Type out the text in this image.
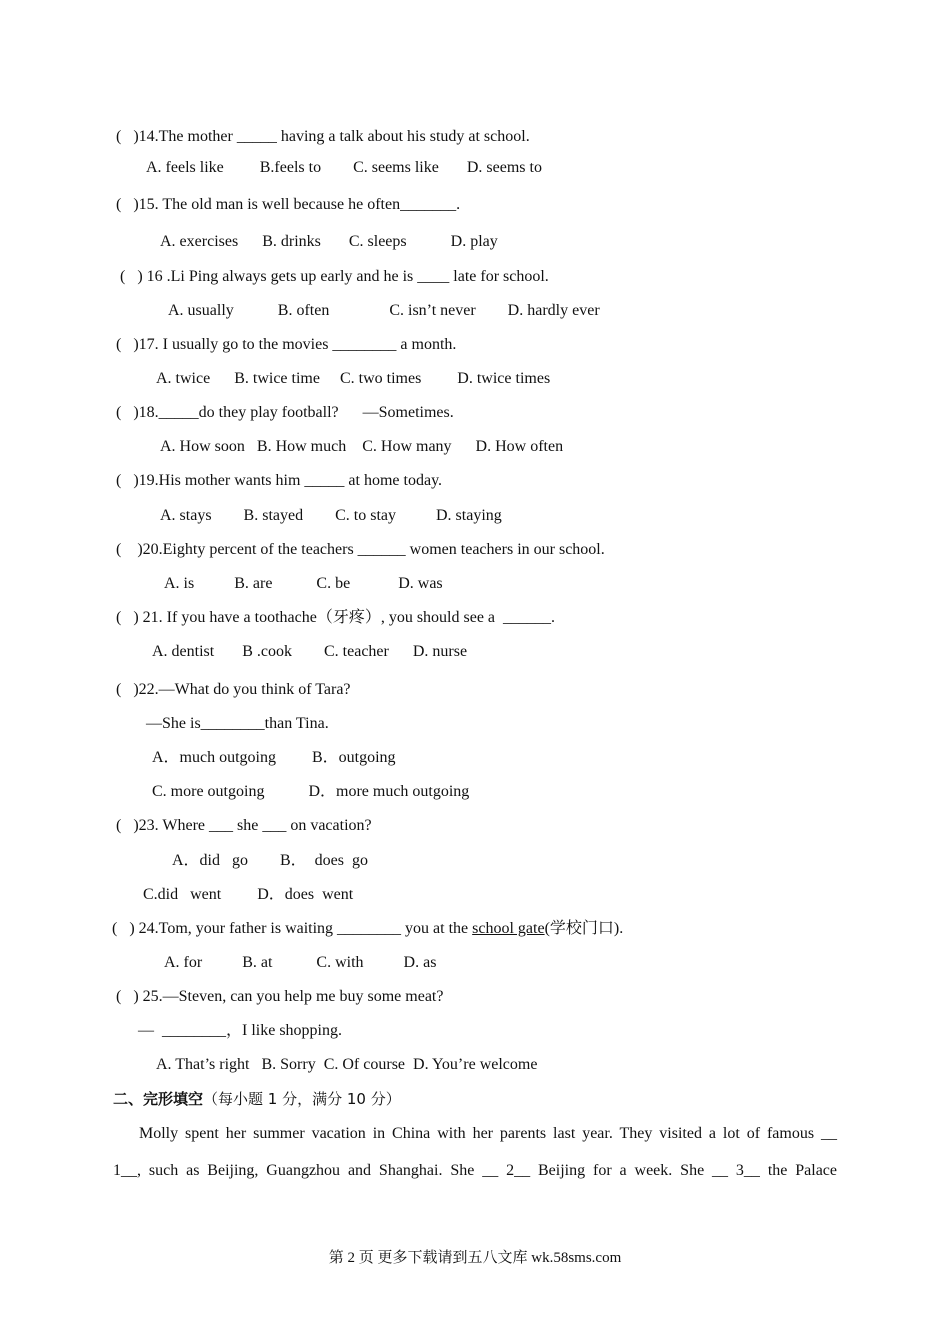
(   )14.The mother _____ having a talk about his study at school.
A. feels like         B.feels to        C. seems like       D. seems to
(   )15. The old man is well because he often_______.
A. exercises      B. drinks       C. sleeps           D. play
(   ) 16 .Li Ping always gets up early and he is ____ late for school.
A. usually           B. often               C. isn’t never        D. hardly ever
(   )17. I usually go to the movies ________ a month.
A. twice      B. twice time     C. two times         D. twice times
(   )18._____do they play football?      —Sometimes.
A. How soon   B. How much    C. How many      D. How often
(   )19.His mother wants him _____ at home today.
A. stays        B. stayed        C. to stay          D. staying
(    )20.Eighty percent of the teachers ______ women teachers in our school.
A. is          B. are           C. be            D. was
(   ) 21. If you have a toothache（牙疼）, you should see a  ______.
A. dentist       B .cook        C. teacher      D. nurse
(   )22.—What do you think of Tara?
—She is________than Tina.
A．much outgoing         B．outgoing
C. more outgoing           D．more much outgoing
(   )23. Where ___ she ___ on vacation?
A．did   go        B．  does  go
C.did   went         D．does  went
(   ) 24.Tom, your father is waiting ________ you at the school gate(学校门口).
A. for          B. at           C. with          D. as
(   ) 25.—Steven, can you help me buy some meat?
—  ________，I like shopping.
A. That’s right   B. Sorry  C. Of course  D. You’re welcome
二、完形填空（每小题 1 分，满分 10 分）
Molly spent her summer vacation in China with her parents last year. They visited a lot of famous __
1__, such as Beijing, Guangzhou and Shanghai. She __ 2__ Beijing for a week. She __ 3__ the Palace
第 2 页 更多下载请到五八文库 wk.58sms.com
